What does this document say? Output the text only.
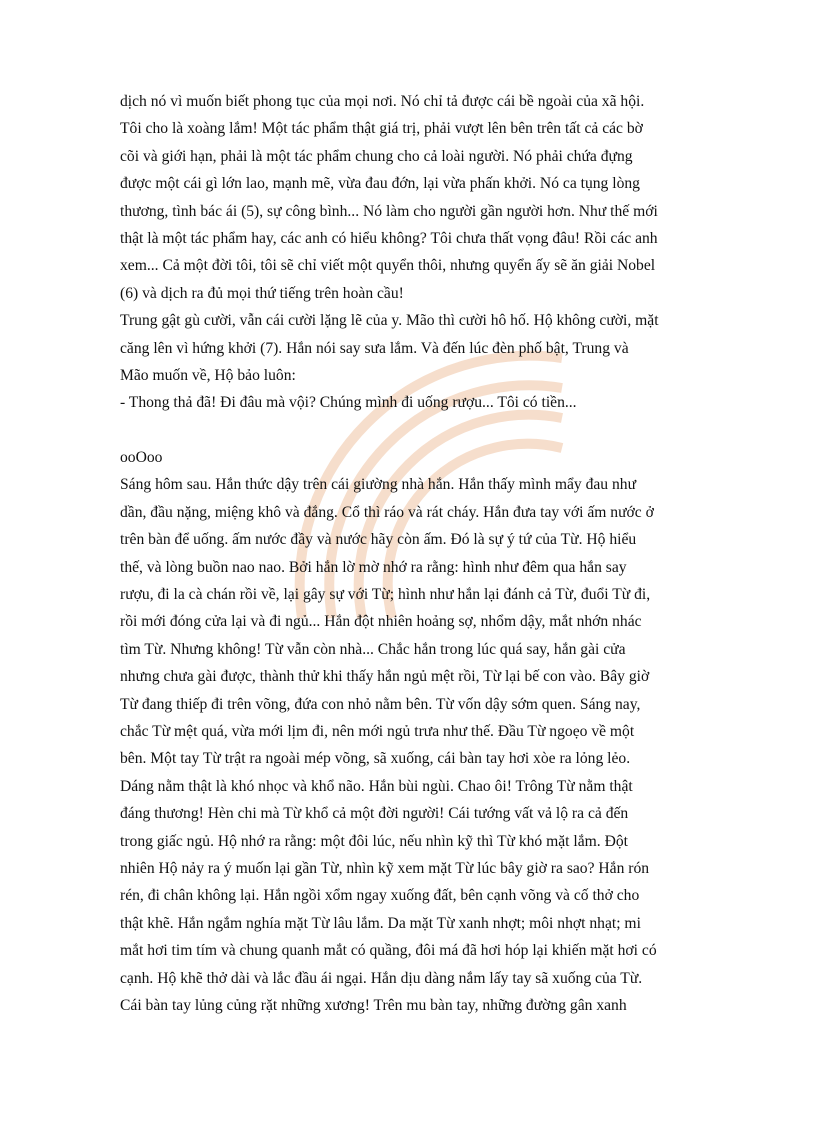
dịch nó vì muốn biết phong tục của mọi nơi. Nó chỉ tả được cái bề ngoài của xã hội.
Tôi cho là xoàng lắm! Một tác phẩm thật giá trị, phải vượt lên bên trên tất cả các bờ
cõi và giới hạn, phải là một tác phẩm chung cho cả loài người. Nó phải chứa đựng
được một cái gì lớn lao, mạnh mẽ, vừa đau đớn, lại vừa phấn khởi. Nó ca tụng lòng
thương, tình bác ái (5), sự công bình... Nó làm cho người gần người hơn. Như thế mới
thật là một tác phẩm hay, các anh có hiểu không? Tôi chưa thất vọng đâu! Rồi các anh
xem... Cả một đời tôi, tôi sẽ chỉ viết một quyển thôi, nhưng quyển ấy sẽ ăn giải Nobel
(6) và dịch ra đủ mọi thứ tiếng trên hoàn cầu!
Trung gật gù cười, vẫn cái cười lặng lẽ của y. Mão thì cười hô hố. Hộ không cười, mặt
căng lên vì hứng khởi (7). Hắn nói say sưa lắm. Và đến lúc đèn phố bật, Trung và
Mão muốn về, Hộ bảo luôn:
- Thong thả đã! Đi đâu mà vội? Chúng mình đi uống rượu... Tôi có tiền...
ooOoo
Sáng hôm sau. Hắn thức dậy trên cái giường nhà hắn. Hắn thấy mình mẩy đau như
dần, đầu nặng, miệng khô và đắng. Cổ thì ráo và rát cháy. Hắn đưa tay với ấm nước ở
trên bàn để uống. ấm nước đầy và nước hãy còn ấm. Đó là sự ý tứ của Từ. Hộ hiểu
thế, và lòng buồn nao nao. Bởi hắn lờ mờ nhớ ra rằng: hình như đêm qua hắn say
rượu, đi la cà chán rồi về, lại gây sự với Từ; hình như hắn lại đánh cả Từ, đuổi Từ đi,
rồi mới đóng cửa lại và đi ngủ... Hắn đột nhiên hoảng sợ, nhổm dậy, mắt nhớn nhác
tìm Từ. Nhưng không! Từ vẫn còn nhà... Chắc hắn trong lúc quá say, hắn gài cửa
nhưng chưa gài được, thành thử khi thấy hắn ngủ mệt rồi, Từ lại bế con vào. Bây giờ
Từ đang thiếp đi trên võng, đứa con nhỏ nằm bên. Từ vốn dậy sớm quen. Sáng nay,
chắc Từ mệt quá, vừa mới lịm đi, nên mới ngủ trưa như thế. Đầu Từ ngoẹo về một
bên. Một tay Từ trật ra ngoài mép võng, sã xuống, cái bàn tay hơi xòe ra lỏng lẻo.
Dáng nằm thật là khó nhọc và khổ não. Hắn bùi ngùi. Chao ôi! Trông Từ nằm thật
đáng thương! Hèn chi mà Từ khổ cả một đời người! Cái tướng vất vả lộ ra cả đến
trong giấc ngủ. Hộ nhớ ra rằng: một đôi lúc, nếu nhìn kỹ thì Từ khó mặt lắm. Đột
nhiên Hộ nảy ra ý muốn lại gần Từ, nhìn kỹ xem mặt Từ lúc bây giờ ra sao? Hắn rón
rén, đi chân không lại. Hắn ngồi xổm ngay xuống đất, bên cạnh võng và cố thở cho
thật khẽ. Hắn ngắm nghía mặt Từ lâu lắm. Da mặt Từ xanh nhợt; môi nhợt nhạt; mi
mắt hơi tim tím và chung quanh mắt có quầng, đôi má đã hơi hóp lại khiến mặt hơi có
cạnh. Hộ khẽ thở dài và lắc đầu ái ngại. Hắn dịu dàng nắm lấy tay sã xuống của Từ.
Cái bàn tay lủng củng rặt những xương! Trên mu bàn tay, những đường gân xanh
